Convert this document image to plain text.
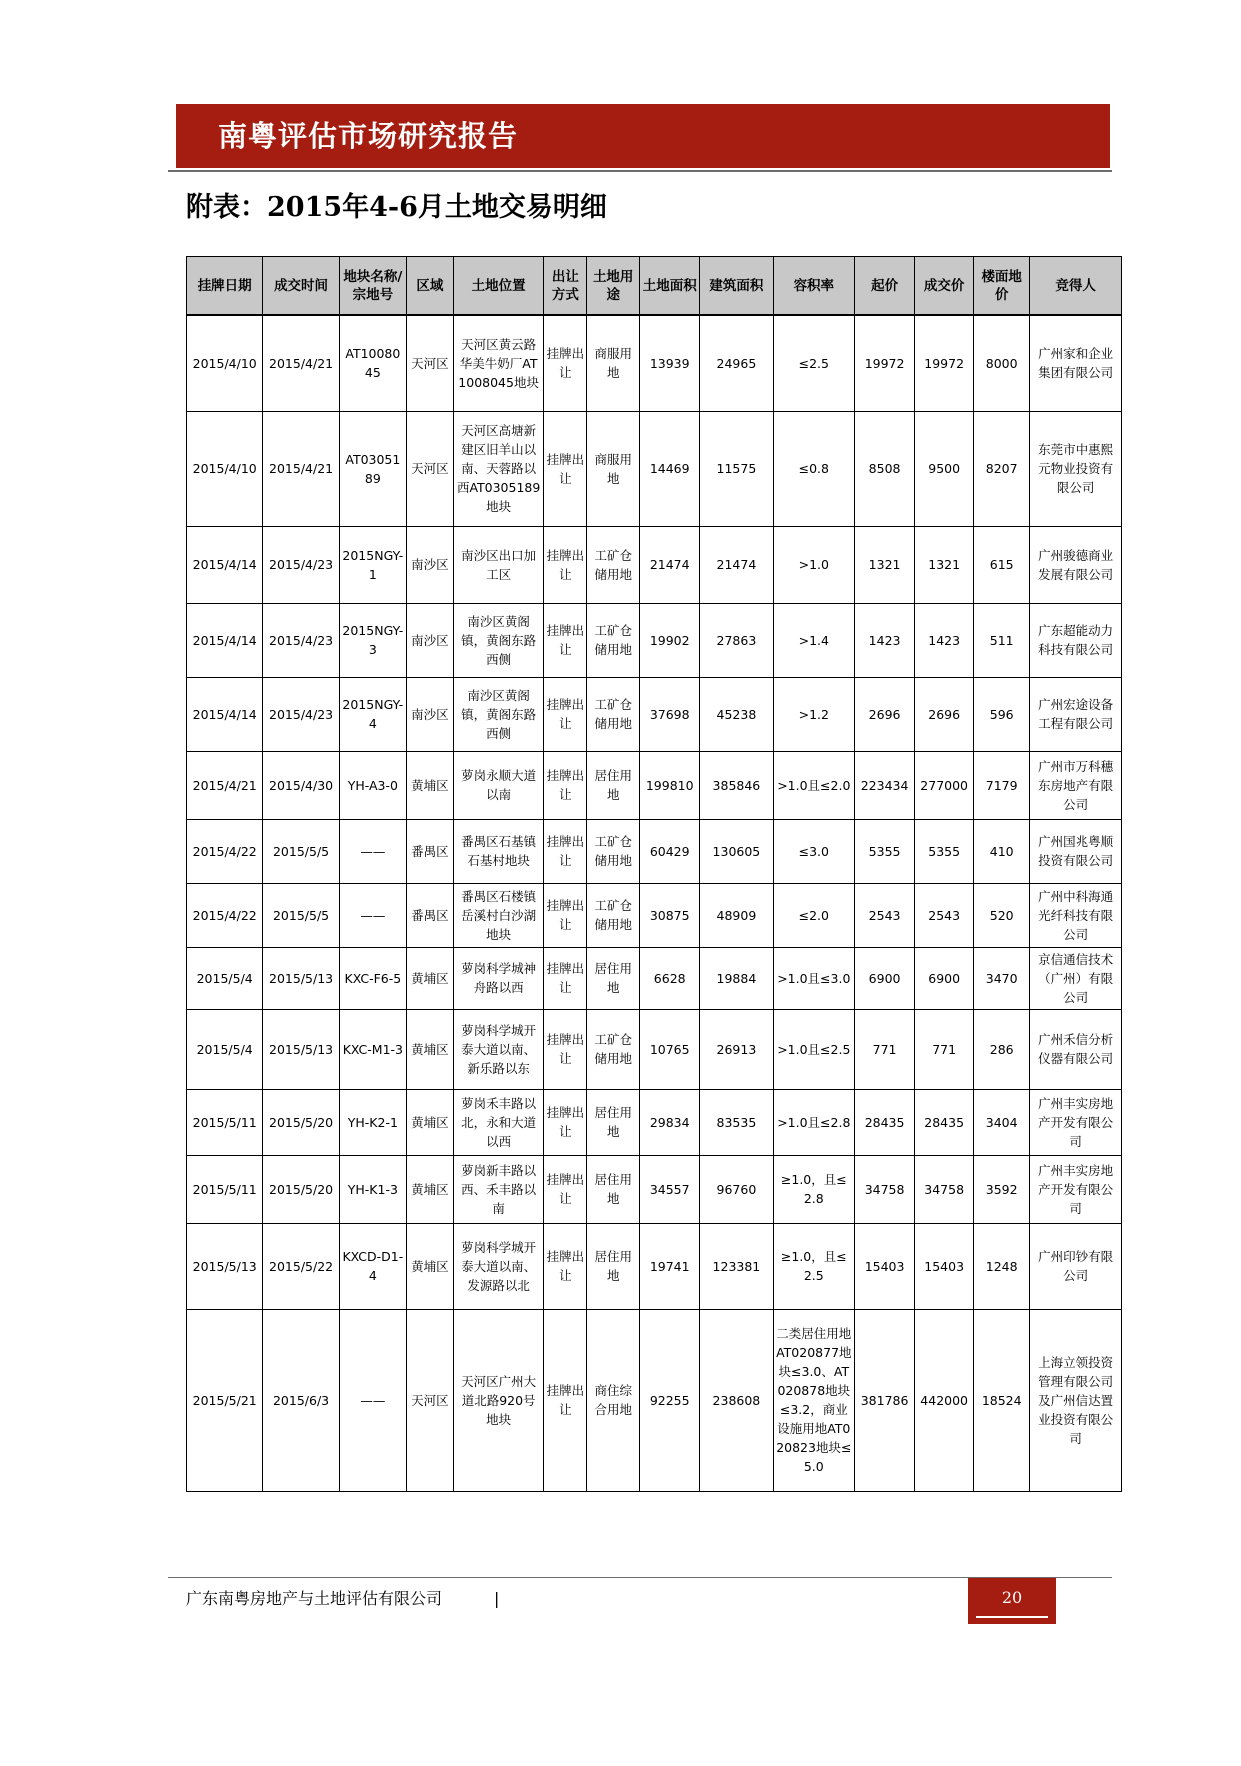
南粤评估市场研究报告
附表：2015年4-6月土地交易明细
挂牌日期	成交时间	地块名称/宗地号	区域	土地位置	出让方式	土地用途	土地面积	建筑面积	容积率	起价	成交价	楼面地价	竞得人
2015/4/10	2015/4/21	AT1008045	天河区	天河区黄云路华美牛奶厂AT1008045地块	挂牌出让	商服用地	13939	24965	≤2.5	19972	19972	8000	广州家和企业集团有限公司
2015/4/10	2015/4/21	AT0305189	天河区	天河区高塘新建区旧羊山以南、天蓉路以西AT0305189地块	挂牌出让	商服用地	14469	11575	≤0.8	8508	9500	8207	东莞市中惠熙元物业投资有限公司
2015/4/14	2015/4/23	2015NGY-1	南沙区	南沙区出口加工区	挂牌出让	工矿仓储用地	21474	21474	>1.0	1321	1321	615	广州骏德商业发展有限公司
2015/4/14	2015/4/23	2015NGY-3	南沙区	南沙区黄阁镇，黄阁东路西侧	挂牌出让	工矿仓储用地	19902	27863	>1.4	1423	1423	511	广东超能动力科技有限公司
2015/4/14	2015/4/23	2015NGY-4	南沙区	南沙区黄阁镇，黄阁东路西侧	挂牌出让	工矿仓储用地	37698	45238	>1.2	2696	2696	596	广州宏途设备工程有限公司
2015/4/21	2015/4/30	YH-A3-0	黄埔区	萝岗永顺大道以南	挂牌出让	居住用地	199810	385846	>1.0且≤2.0	223434	277000	7179	广州市万科穗东房地产有限公司
2015/4/22	2015/5/5	——	番禺区	番禺区石基镇石基村地块	挂牌出让	工矿仓储用地	60429	130605	≤3.0	5355	5355	410	广州国兆粤顺投资有限公司
2015/4/22	2015/5/5	——	番禺区	番禺区石楼镇岳溪村白沙湖地块	挂牌出让	工矿仓储用地	30875	48909	≤2.0	2543	2543	520	广州中科海通光纤科技有限公司
2015/5/4	2015/5/13	KXC-F6-5	黄埔区	萝岗科学城神舟路以西	挂牌出让	居住用地	6628	19884	>1.0且≤3.0	6900	6900	3470	京信通信技术（广州）有限公司
2015/5/4	2015/5/13	KXC-M1-3	黄埔区	萝岗科学城开泰大道以南、新乐路以东	挂牌出让	工矿仓储用地	10765	26913	>1.0且≤2.5	771	771	286	广州禾信分析仪器有限公司
2015/5/11	2015/5/20	YH-K2-1	黄埔区	萝岗禾丰路以北，永和大道以西	挂牌出让	居住用地	29834	83535	>1.0且≤2.8	28435	28435	3404	广州丰实房地产开发有限公司
2015/5/11	2015/5/20	YH-K1-3	黄埔区	萝岗新丰路以西、禾丰路以南	挂牌出让	居住用地	34557	96760	≥1.0，且≤2.8	34758	34758	3592	广州丰实房地产开发有限公司
2015/5/13	2015/5/22	KXCD-D1-4	黄埔区	萝岗科学城开泰大道以南、发源路以北	挂牌出让	居住用地	19741	123381	≥1.0，且≤2.5	15403	15403	1248	广州印钞有限公司
2015/5/21	2015/6/3	——	天河区	天河区广州大道北路920号地块	挂牌出让	商住综合用地	92255	238608	二类居住用地AT020877地块≤3.0、AT020878地块≤3.2，商业设施用地AT020823地块≤5.0	381786	442000	18524	上海立领投资管理有限公司及广州信达置业投资有限公司
广东南粤房地产与土地评估有限公司	|	20
